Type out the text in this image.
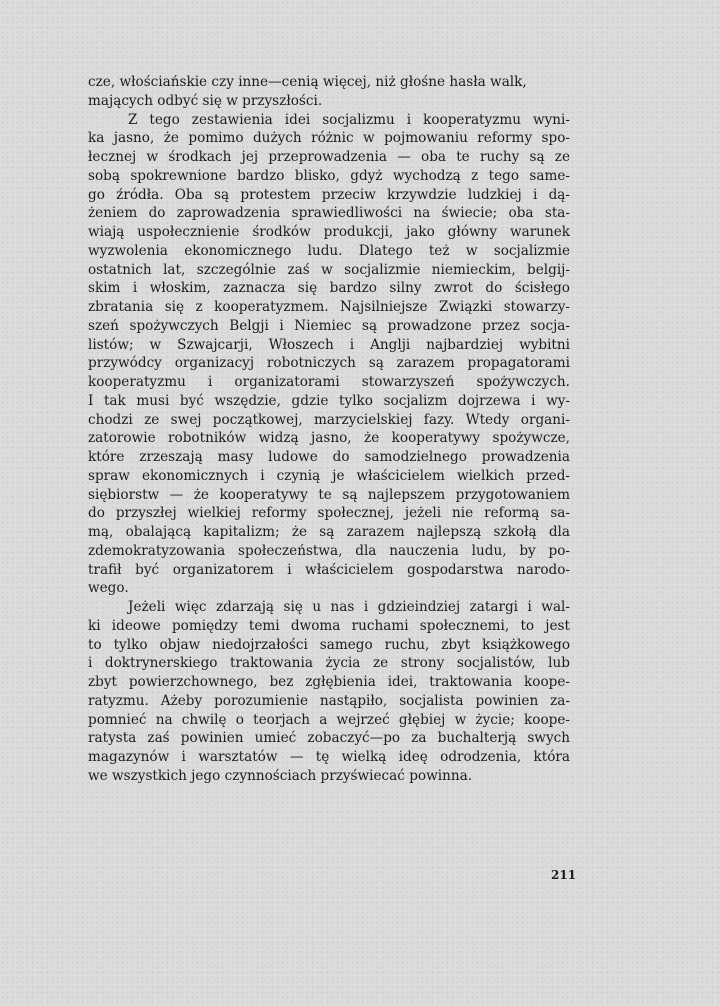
cze, włościańskie czy inne—cenią więcej, niż głośne hasła walk,
mających odbyć się w przyszłości.
Z tego zestawienia idei socjalizmu i kooperatyzmu wyni-
ka jasno, że pomimo dużych różnic w pojmowaniu reformy spo-
łecznej w środkach jej przeprowadzenia — oba te ruchy są ze
sobą spokrewnione bardzo blisko, gdyż wychodzą z tego same-
go źródła. Oba są protestem przeciw krzywdzie ludzkiej i dą-
żeniem do zaprowadzenia sprawiedliwości na świecie; oba sta-
wiają uspołecznienie środków produkcji, jako główny warunek
wyzwolenia ekonomicznego ludu. Dlatego też w socjalizmie
ostatnich lat, szczególnie zaś w socjalizmie niemieckim, belgij-
skim i włoskim, zaznacza się bardzo silny zwrot do ścisłego
zbratania się z kooperatyzmem. Najsilniejsze Związki stowarzy-
szeń spożywczych Belgji i Niemiec są prowadzone przez socja-
listów; w Szwajcarji, Włoszech i Anglji najbardziej wybitni
przywódcy organizacyj robotniczych są zarazem propagatorami
kooperatyzmu i organizatorami stowarzyszeń spożywczych.
I tak musi być wszędzie, gdzie tylko socjalizm dojrzewa i wy-
chodzi ze swej początkowej, marzycielskiej fazy. Wtedy organi-
zatorowie robotników widzą jasno, że kooperatywy spożywcze,
które zrzeszają masy ludowe do samodzielnego prowadzenia
spraw ekonomicznych i czynią je właścicielem wielkich przed-
siębiorstw — że kooperatywy te są najlepszem przygotowaniem
do przyszłej wielkiej reformy społecznej, jeżeli nie reformą sa-
mą, obalającą kapitalizm; że są zarazem najlepszą szkołą dla
zdemokratyzowania społeczeństwa, dla nauczenia ludu, by po-
trafił być organizatorem i właścicielem gospodarstwa narodo-
wego.
Jeżeli więc zdarzają się u nas i gdzieindziej zatargi i wal-
ki ideowe pomiędzy temi dwoma ruchami społecznemi, to jest
to tylko objaw niedojrzałości samego ruchu, zbyt książkowego
i doktrynerskiego traktowania życia ze strony socjalistów, lub
zbyt powierzchownego, bez zgłębienia idei, traktowania koope-
ratyzmu. Ażeby porozumienie nastąpiło, socjalista powinien za-
pomnieć na chwilę o teorjach a wejrzeć głębiej w życie; koope-
ratysta zaś powinien umieć zobaczyć—po za buchalterją swych
magazynów i warsztatów — tę wielką ideę odrodzenia, która
we wszystkich jego czynnościach przyświecać powinna.
211
